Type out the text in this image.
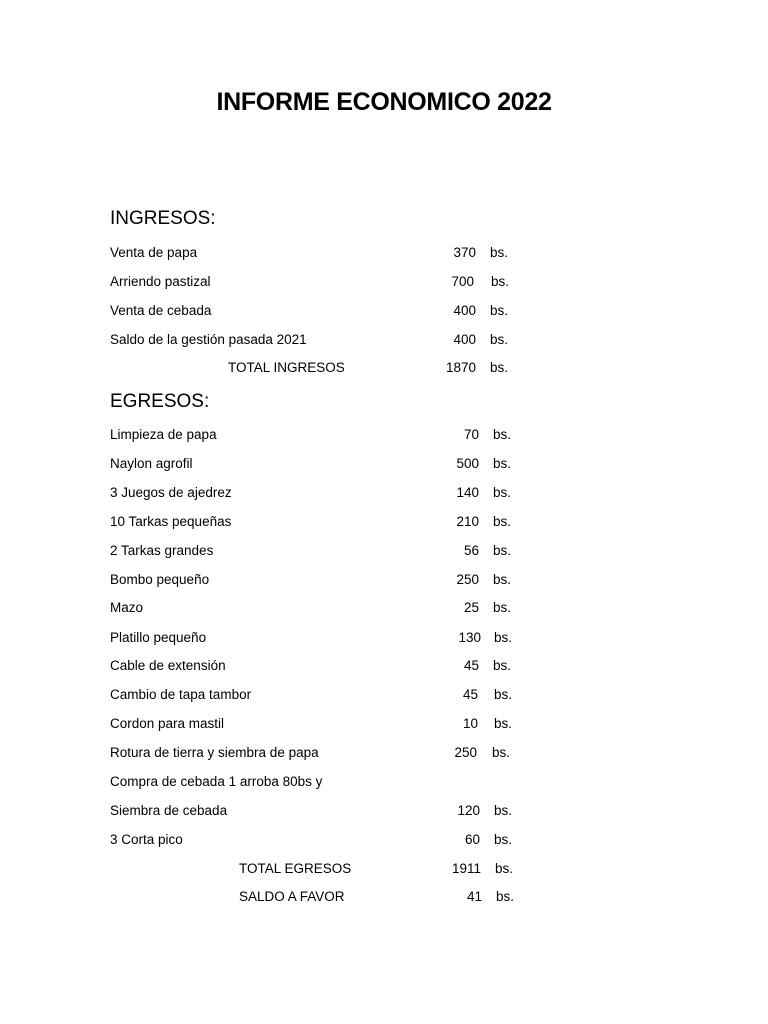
INFORME ECONOMICO 2022
INGRESOS:
Venta de papa	370 bs.
Arriendo pastizal	700 bs.
Venta de cebada	400 bs.
Saldo de la gestión pasada 2021	400 bs.
TOTAL INGRESOS	1870 bs.
EGRESOS:
Limpieza de papa	70 bs.
Naylon agrofil	500 bs.
3 Juegos de ajedrez	140 bs.
10 Tarkas pequeñas	210 bs.
2 Tarkas grandes	56 bs.
Bombo pequeño	250 bs.
Mazo	25 bs.
Platillo pequeño	130 bs.
Cable de extensión	45 bs.
Cambio de tapa tambor	45 bs.
Cordon para mastil	10 bs.
Rotura de tierra y siembra de papa	250 bs.
Compra de cebada 1 arroba 80bs y
Siembra de cebada	120 bs.
3 Corta pico	60 bs.
TOTAL EGRESOS	1911 bs.
SALDO A FAVOR	41 bs.
